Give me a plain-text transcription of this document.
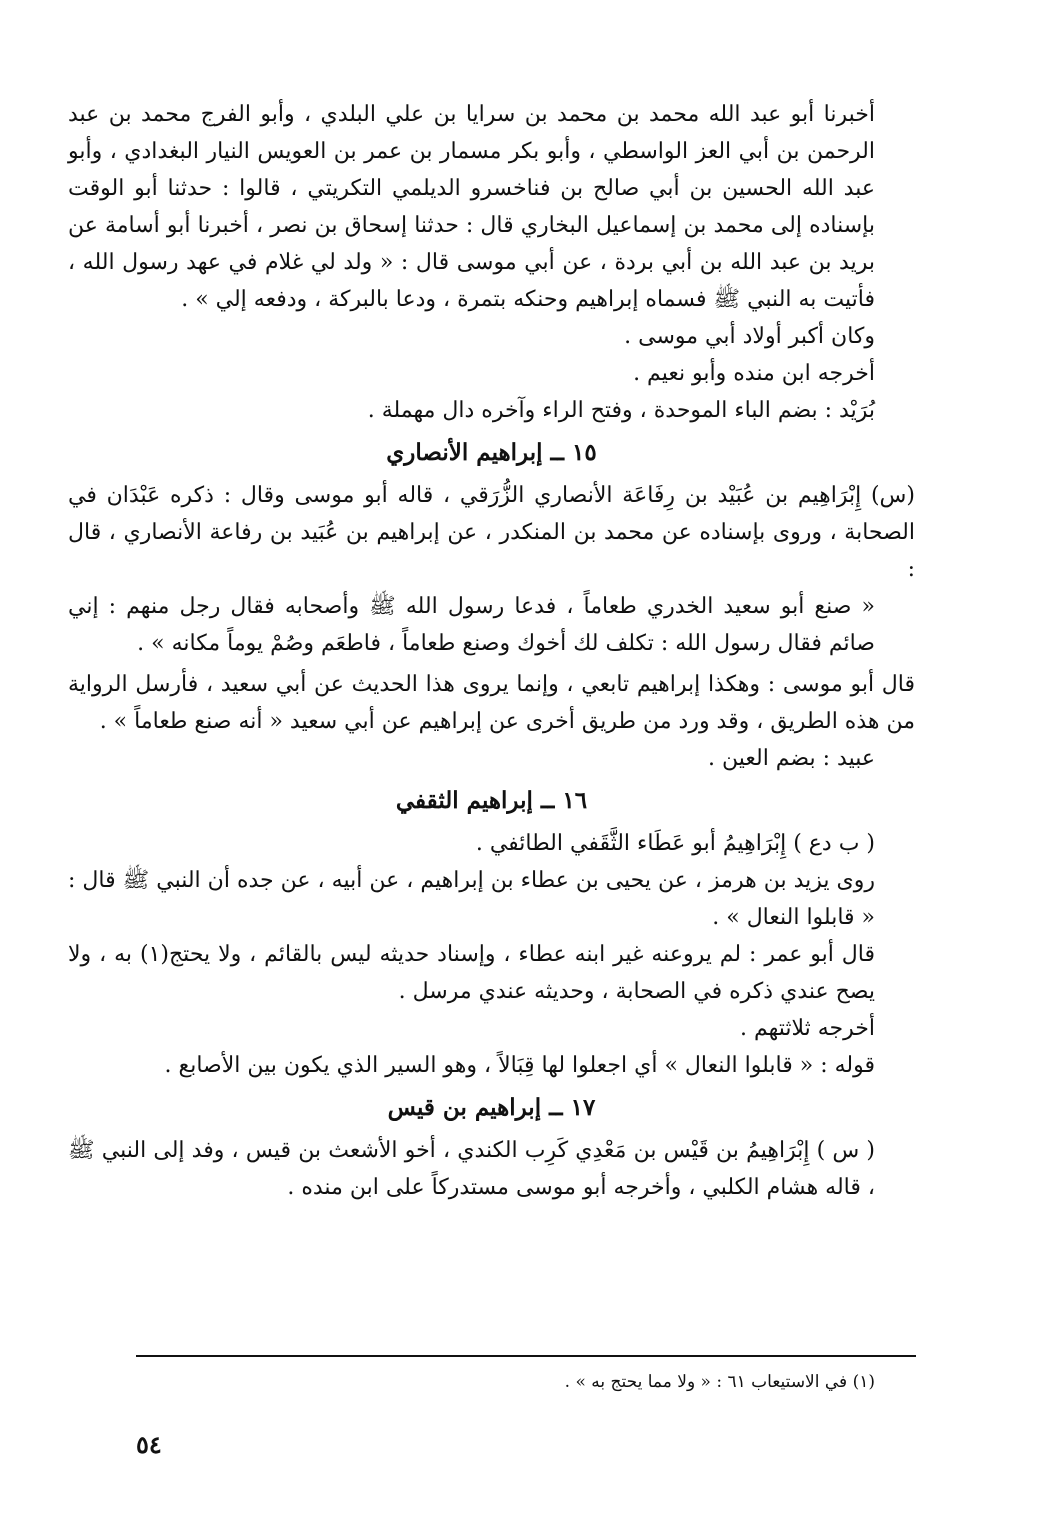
أخبرنا أبو عبد الله محمد بن محمد بن سرايا بن علي البلدي ، وأبو الفرج محمد بن عبد الرحمن بن أبي العز الواسطي ، وأبو بكر مسمار بن عمر بن العويس النيار البغدادي ، وأبو عبد الله الحسين بن أبي صالح بن فناخسرو الديلمي التكريتي ، قالوا : حدثنا أبو الوقت بإسناده إلى محمد بن إسماعيل البخاري قال : حدثنا إسحاق بن نصر ، أخبرنا أبو أسامة عن بريد بن عبد الله بن أبي بردة ، عن أبي موسى قال : « ولد لي غلام في عهد رسول الله ، فأتيت به النبي ﷺ فسماه إبراهيم وحنكه بتمرة ، ودعا بالبركة ، ودفعه إلي » .

وكان أكبر أولاد أبي موسى .

أخرجه ابن منده وأبو نعيم .

بُرَيْد : بضم الباء الموحدة ، وفتح الراء وآخره دال مهملة .

١٥ ــ إبراهيم الأنصاري

(س) إِبْرَاهِيم بن عُبَيْد بن رِفَاعَة الأنصاري الزُّرَقي ، قاله أبو موسى وقال : ذكره عَبْدَان في الصحابة ، وروى بإسناده عن محمد بن المنكدر ، عن إبراهيم بن عُبَيد بن رفاعة الأنصاري ، قال :

« صنع أبو سعيد الخدري طعاماً ، فدعا رسول الله ﷺ وأصحابه فقال رجل منهم : إني صائم فقال رسول الله : تكلف لك أخوك وصنع طعاماً ، فاطعَم وصُمْ يوماً مكانه » .

قال أبو موسى : وهكذا إبراهيم تابعي ، وإنما يروى هذا الحديث عن أبي سعيد ، فأرسل الرواية من هذه الطريق ، وقد ورد من طريق أخرى عن إبراهيم عن أبي سعيد « أنه صنع طعاماً » .

عبيد : بضم العين .

١٦ ــ إبراهيم الثقفي

( ب دع ) إِبْرَاهِيمُ أبو عَطَاء الثَّقَفي الطائفي .

روى يزيد بن هرمز ، عن يحيى بن عطاء بن إبراهيم ، عن أبيه ، عن جده أن النبي ﷺ قال : « قابلوا النعال » .

قال أبو عمر : لم يروعنه غير ابنه عطاء ، وإسناد حديثه ليس بالقائم ، ولا يحتج(١) به ، ولا يصح عندي ذكره في الصحابة ، وحديثه عندي مرسل .

أخرجه ثلاثتهم .

قوله : « قابلوا النعال » أي اجعلوا لها قِبَالاً ، وهو السير الذي يكون بين الأصابع .

١٧ ــ إبراهيم بن قيس

( س ) إِبْرَاهِيمُ بن قَيْس بن مَعْدِي كَرِب الكندي ، أخو الأشعث بن قيس ، وفد إلى النبي ﷺ ، قاله هشام الكلبي ، وأخرجه أبو موسى مستدركاً على ابن منده .

(١) في الاستيعاب ٦١ : « ولا مما يحتج به » .
٥٤
